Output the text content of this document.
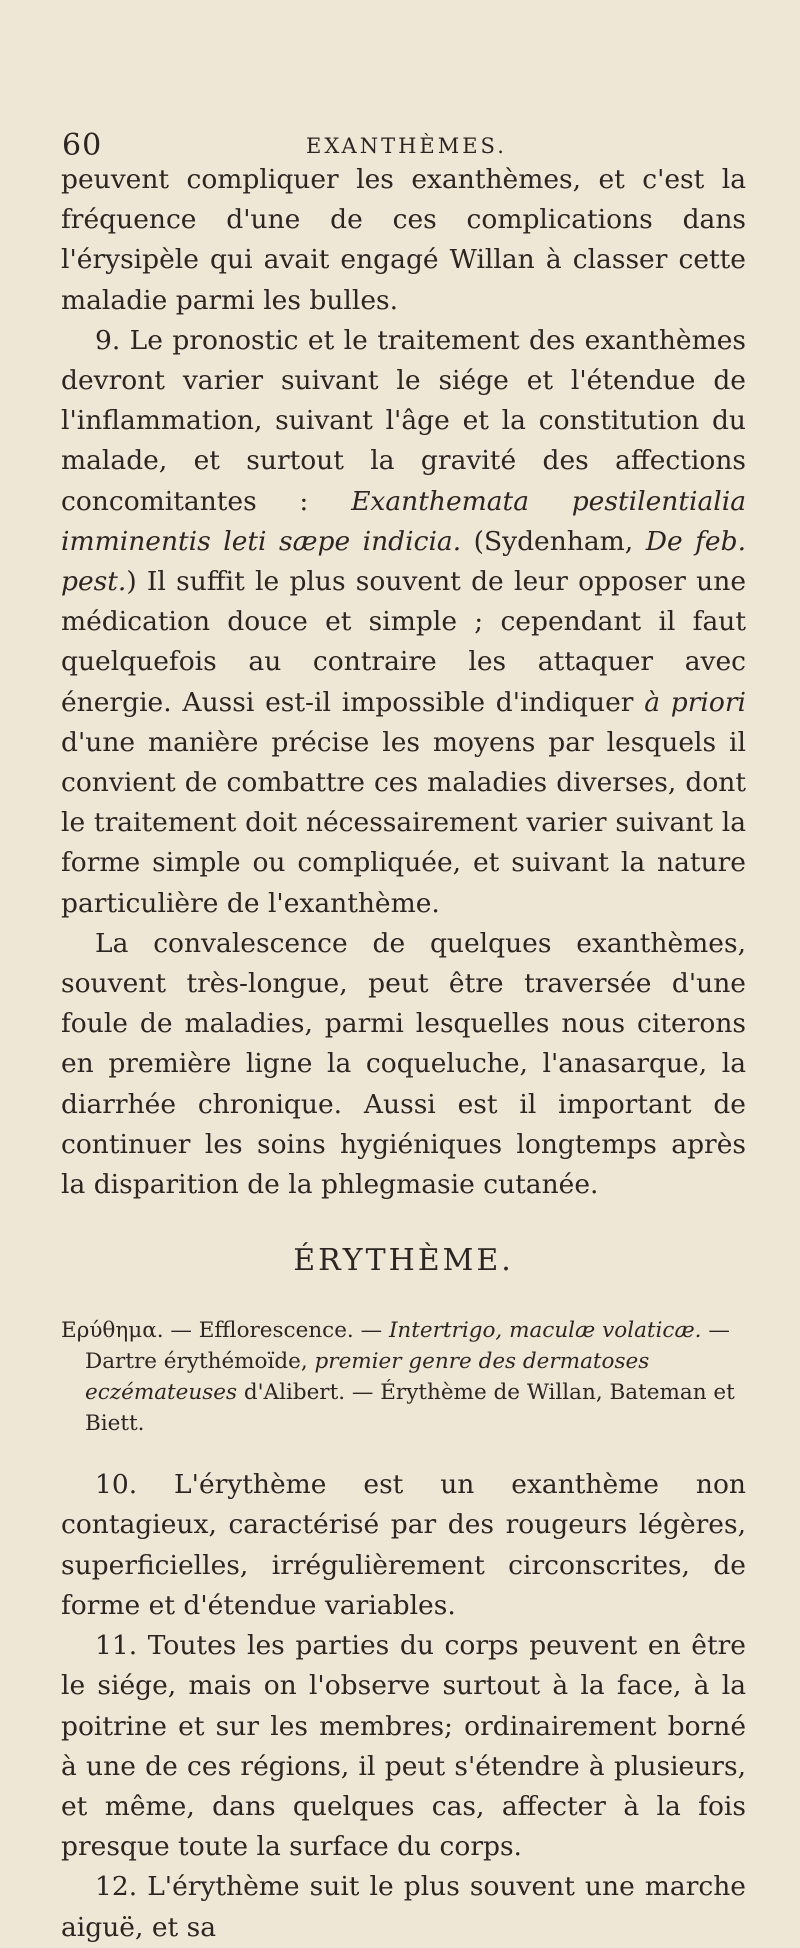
60	EXANTHÈMES.

peuvent compliquer les exanthèmes, et c'est la fréquence d'une de ces complications dans l'érysipèle qui avait engagé Willan à classer cette maladie parmi les bulles.

9. Le pronostic et le traitement des exanthèmes devront varier suivant le siége et l'étendue de l'inflammation, suivant l'âge et la constitution du malade, et surtout la gravité des affections concomitantes : Exanthemata pestilentialia imminentis leti sæpe indicia. (Sydenham, De feb. pest.) Il suffit le plus souvent de leur opposer une médication douce et simple ; cependant il faut quelquefois au contraire les attaquer avec énergie. Aussi est-il impossible d'indiquer à priori d'une manière précise les moyens par lesquels il convient de combattre ces maladies diverses, dont le traitement doit nécessairement varier suivant la forme simple ou compliquée, et suivant la nature particulière de l'exanthème.

La convalescence de quelques exanthèmes, souvent très-longue, peut être traversée d'une foule de maladies, parmi lesquelles nous citerons en première ligne la coqueluche, l'anasarque, la diarrhée chronique. Aussi est il important de continuer les soins hygiéniques longtemps après la disparition de la phlegmasie cutanée.

ÉRYTHÈME.

Ερύθημα. — Efflorescence. — Intertrigo, maculæ volaticæ. — Dartre érythémoïde, premier genre des dermatoses eczémateuses d'Alibert. — Érythème de Willan, Bateman et Biett.

10. L'érythème est un exanthème non contagieux, caractérisé par des rougeurs légères, superficielles, irrégulièrement circonscrites, de forme et d'étendue variables.

11. Toutes les parties du corps peuvent en être le siége, mais on l'observe surtout à la face, à la poitrine et sur les membres; ordinairement borné à une de ces régions, il peut s'étendre à plusieurs, et même, dans quelques cas, affecter à la fois presque toute la surface du corps.

12. L'érythème suit le plus souvent une marche aiguë, et sa
